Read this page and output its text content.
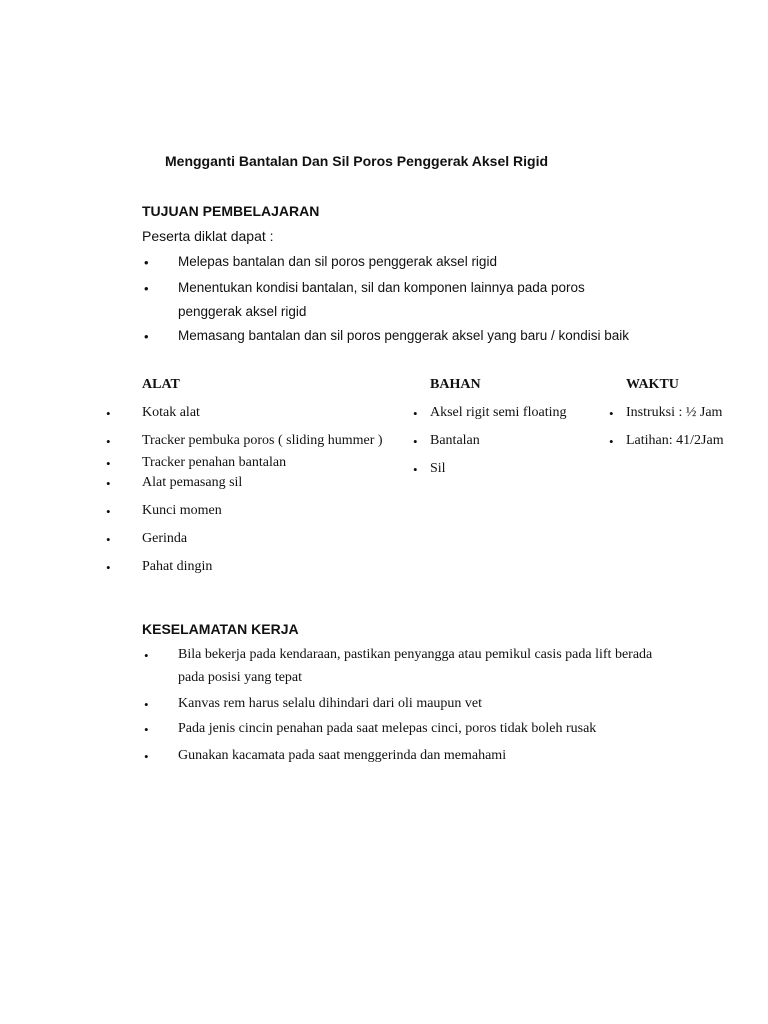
Mengganti Bantalan Dan Sil Poros Penggerak Aksel Rigid
TUJUAN PEMBELAJARAN
Peserta diklat dapat :
• Melepas bantalan dan sil poros penggerak aksel rigid
• Menentukan kondisi bantalan, sil dan komponen lainnya pada poros
penggerak aksel rigid
• Memasang bantalan dan sil poros penggerak aksel yang baru / kondisi baik
ALAT	BAHAN	WAKTU
• Kotak alat
• Tracker pembuka poros ( sliding hummer )
• Tracker penahan bantalan
• Alat pemasang sil
• Kunci momen
• Gerinda
• Pahat dingin
• Aksel rigit semi floating
• Bantalan
• Sil
• Instruksi : ½ Jam
• Latihan: 41/2Jam
KESELAMATAN KERJA
• Bila bekerja pada kendaraan, pastikan penyangga atau pemikul casis pada lift berada
pada posisi yang tepat
• Kanvas rem harus selalu dihindari dari oli maupun vet
• Pada jenis cincin penahan pada saat melepas cinci, poros tidak boleh rusak
• Gunakan kacamata pada saat menggerinda dan memahami
